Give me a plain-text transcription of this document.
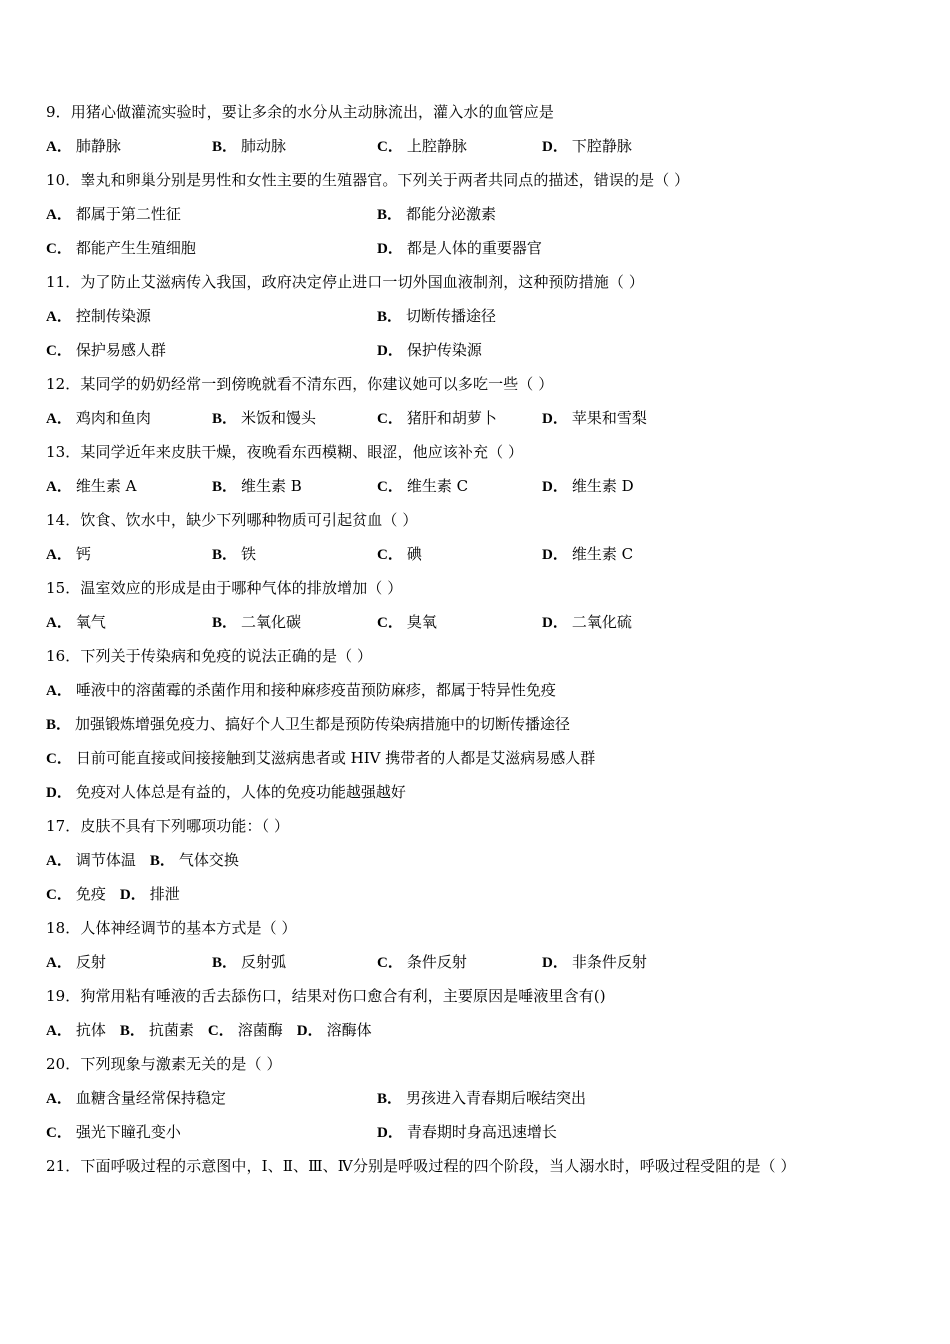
9．用猪心做灌流实验时，要让多余的水分从主动脉流出，灌入水的血管应是
A． 肺静脉	B． 肺动脉	C． 上腔静脉	D． 下腔静脉
10．睾丸和卵巢分别是男性和女性主要的生殖器官。下列关于两者共同点的描述，错误的是（ ）
A． 都属于第二性征	B． 都能分泌激素
C． 都能产生生殖细胞	D． 都是人体的重要器官
11．为了防止艾滋病传入我国，政府决定停止进口一切外国血液制剂，这种预防措施（ ）
A． 控制传染源	B． 切断传播途径
C． 保护易感人群	D． 保护传染源
12．某同学的奶奶经常一到傍晚就看不清东西，你建议她可以多吃一些（ ）
A． 鸡肉和鱼肉	B． 米饭和馒头	C． 猪肝和胡萝卜	D． 苹果和雪梨
13．某同学近年来皮肤干燥，夜晚看东西模糊、眼涩，他应该补充（ ）
A． 维生素 A	B． 维生素 B	C． 维生素 C	D． 维生素 D
14．饮食、饮水中，缺少下列哪种物质可引起贫血（ ）
A． 钙	B． 铁	C． 碘	D． 维生素 C
15．温室效应的形成是由于哪种气体的排放增加（ ）
A． 氧气	B． 二氧化碳	C． 臭氧	D． 二氧化硫
16．下列关于传染病和免疫的说法正确的是（ ）
A． 唾液中的溶菌霉的杀菌作用和接种麻疹疫苗预防麻疹，都属于特异性免疫
B． 加强锻炼增强免疫力、搞好个人卫生都是预防传染病措施中的切断传播途径
C． 日前可能直接或间接接触到艾滋病患者或 HIV 携带者的人都是艾滋病易感人群
D． 免疫对人体总是有益的，人体的免疫功能越强越好
17．皮肤不具有下列哪项功能：（ ）
A． 调节体温 B． 气体交换
C． 免疫 D． 排泄
18．人体神经调节的基本方式是（ ）
A． 反射	B． 反射弧	C． 条件反射	D． 非条件反射
19．狗常用粘有唾液的舌去舔伤口，结果对伤口愈合有利，主要原因是唾液里含有()
A． 抗体 B． 抗菌素 C． 溶菌酶 D． 溶酶体
20．下列现象与激素无关的是（ ）
A． 血糖含量经常保持稳定	B． 男孩进入青春期后喉结突出
C． 强光下瞳孔变小	D． 青春期时身高迅速增长
21．下面呼吸过程的示意图中，Ⅰ、Ⅱ、Ⅲ、Ⅳ分别是呼吸过程的四个阶段，当人溺水时，呼吸过程受阻的是（ ）
